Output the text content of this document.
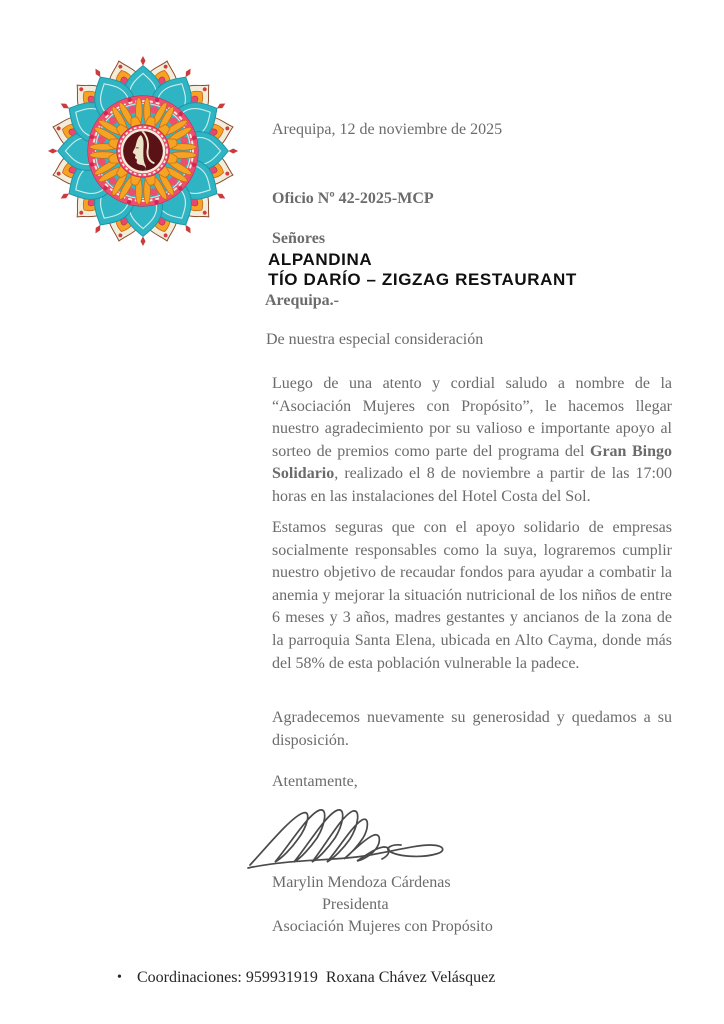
Arequipa, 12 de noviembre de 2025
Oficio Nº 42-2025-MCP
Señores
ALPANDINA
TÍO DARÍO – ZIGZAG RESTAURANT
Arequipa.-
De nuestra especial consideración

Luego de una atento y cordial saludo a nombre de la “Asociación Mujeres con Propósito”, le hacemos llegar nuestro agradecimiento por su valioso e importante apoyo al sorteo de premios como parte del programa del Gran Bingo Solidario, realizado el 8 de noviembre a partir de las 17:00 horas en las instalaciones del Hotel Costa del Sol.

Estamos seguras que con el apoyo solidario de empresas socialmente responsables como la suya, lograremos cumplir nuestro objetivo de recaudar fondos para ayudar a combatir la anemia y mejorar la situación nutricional de los niños de entre 6 meses y 3 años, madres gestantes y ancianos de la zona de la parroquia Santa Elena, ubicada en Alto Cayma, donde más del 58% de esta población vulnerable la padece.

Agradecemos nuevamente su generosidad y quedamos a su disposición.

Atentamente,
Marylin Mendoza Cárdenas
Presidenta
Asociación Mujeres con Propósito
• Coordinaciones: 959931919  Roxana Chávez Velásquez
